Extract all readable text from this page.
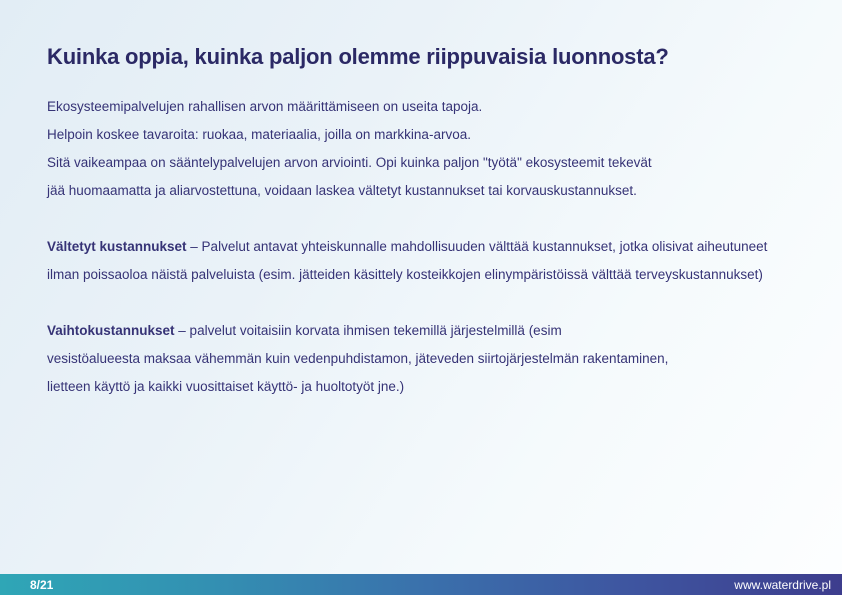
Kuinka oppia, kuinka paljon olemme riippuvaisia luonnosta?

Ekosysteemipalvelujen rahallisen arvon määrittämiseen on useita tapoja.
Helpoin koskee tavaroita: ruokaa, materiaalia, joilla on markkina-arvoa.
Sitä vaikeampaa on sääntelypalvelujen arvon arviointi. Opi kuinka paljon "työtä" ekosysteemit tekevät
jää huomaamatta ja aliarvostettuna, voidaan laskea vältetyt kustannukset tai korvauskustannukset.

Vältetyt kustannukset – Palvelut antavat yhteiskunnalle mahdollisuuden välttää kustannukset, jotka olisivat aiheutuneet
ilman poissaoloa näistä palveluista (esim. jätteiden käsittely kosteikkojen elinympäristöissä välttää terveyskustannukset)

Vaihtokustannukset – palvelut voitaisiin korvata ihmisen tekemillä järjestelmillä (esim
vesistöalueesta maksaa vähemmän kuin vedenpuhdistamon, jäteveden siirtojärjestelmän rakentaminen,
lietteen käyttö ja kaikki vuosittaiset käyttö- ja huoltotyöt jne.)

8/21	www.waterdrive.pl
